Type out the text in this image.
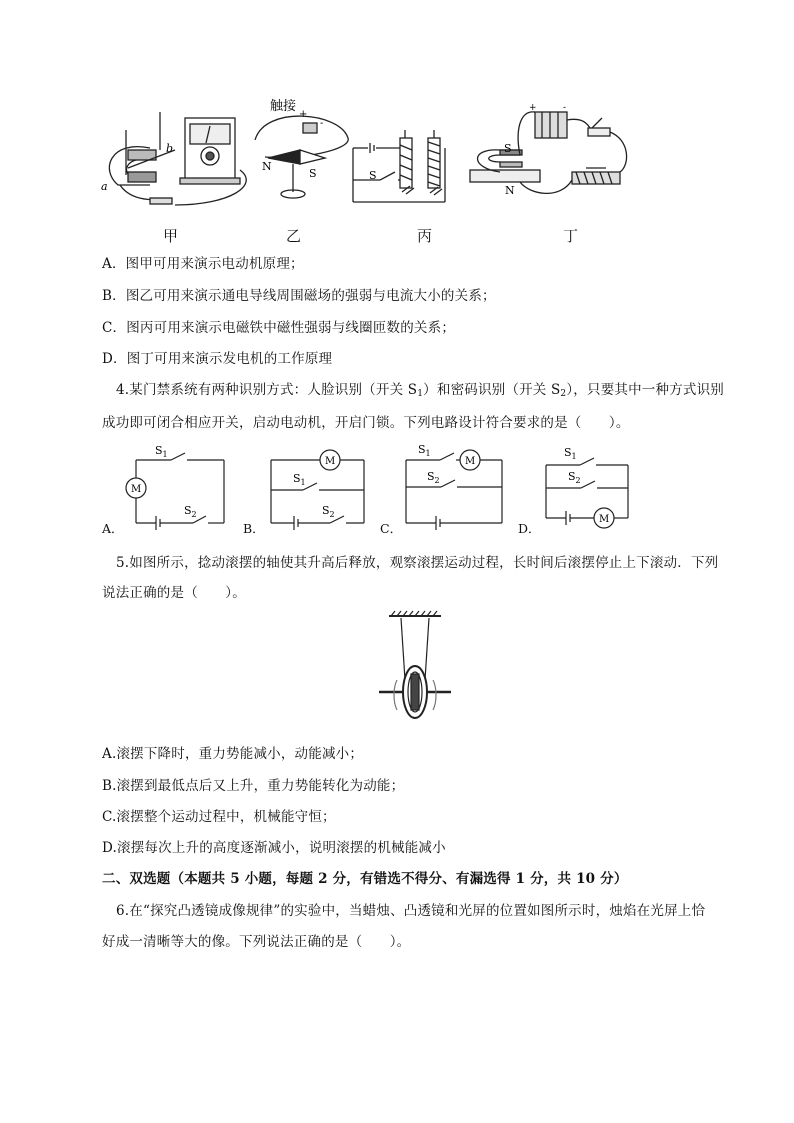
a
b
触接
+
-
N
S	S
+	-
S
N
甲	乙	丙	丁
A．图甲可用来演示电动机原理；
B．图乙可用来演示通电导线周围磁场的强弱与电流大小的关系；
C．图丙可用来演示电磁铁中磁性强弱与线圈匝数的关系；
D．图丁可用来演示发电机的工作原理
4.某门禁系统有两种识别方式：人脸识别（开关 $S_1$）和密码识别（开关 $S_2$），只要其中一种方式识别
成功即可闭合相应开关，启动电动机，开启门锁。下列电路设计符合要求的是（　　）。
$S_1$
M
$S_2$
M
$S_1$
$S_2$
$S_1$
M
$S_2$
$S_1$
$S_2$
M
A．	B．	C．	D．
5.如图所示，捻动滚摆的轴使其升高后释放，观察滚摆运动过程，长时间后滚摆停止上下滚动．下列
说法正确的是（　　）。
A.滚摆下降时，重力势能减小，动能减小；
B.滚摆到最低点后又上升，重力势能转化为动能；
C.滚摆整个运动过程中，机械能守恒；
D.滚摆每次上升的高度逐渐减小，说明滚摆的机械能减小
二、双选题（本题共 5 小题，每题 2 分，有错选不得分、有漏选得 1 分，共 10 分）
6.在“探究凸透镜成像规律”的实验中，当蜡烛、凸透镜和光屏的位置如图所示时，烛焰在光屏上恰
好成一清晰等大的像。下列说法正确的是（　　）。
